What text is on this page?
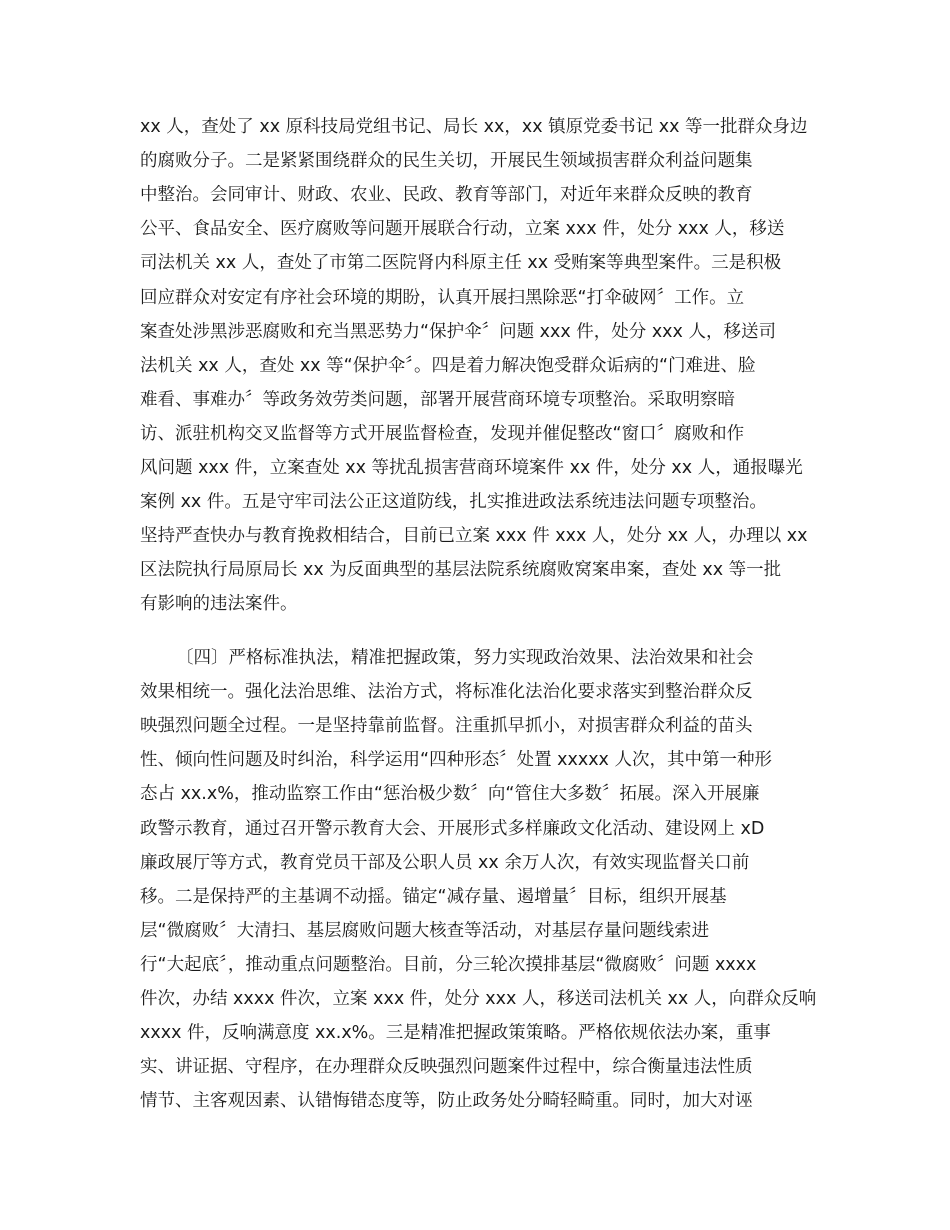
xx 人，查处了 xx 原科技局党组书记、局长 xx，xx 镇原党委书记 xx 等一批群众身边
的腐败分子。二是紧紧围绕群众的民生关切，开展民生领域损害群众利益问题集
中整治。会同审计、财政、农业、民政、教育等部门，对近年来群众反映的教育
公平、食品安全、医疗腐败等问题开展联合行动，立案 xxx 件，处分 xxx 人，移送
司法机关 xx 人，查处了市第二医院肾内科原主任 xx 受贿案等典型案件。三是积极
回应群众对安定有序社会环境的期盼，认真开展扫黑除恶“打伞破网〞工作。立
案查处涉黑涉恶腐败和充当黑恶势力“保护伞〞问题 xxx 件，处分 xxx 人，移送司
法机关 xx 人，查处 xx 等“保护伞〞。四是着力解决饱受群众诟病的“门难进、脸
难看、事难办〞等政务效劳类问题，部署开展营商环境专项整治。采取明察暗
访、派驻机构交叉监督等方式开展监督检查，发现并催促整改“窗口〞腐败和作
风问题 xxx 件，立案查处 xx 等扰乱损害营商环境案件 xx 件，处分 xx 人，通报曝光
案例 xx 件。五是守牢司法公正这道防线，扎实推进政法系统违法问题专项整治。
坚持严查快办与教育挽救相结合，目前已立案 xxx 件 xxx 人，处分 xx 人，办理以 xx
区法院执行局原局长 xx 为反面典型的基层法院系统腐败窝案串案，查处 xx 等一批
有影响的违法案件。
〔四〕严格标准执法，精准把握政策，努力实现政治效果、法治效果和社会
效果相统一。强化法治思维、法治方式，将标准化法治化要求落实到整治群众反
映强烈问题全过程。一是坚持靠前监督。注重抓早抓小，对损害群众利益的苗头
性、倾向性问题及时纠治，科学运用“四种形态〞处置 xxxxx 人次，其中第一种形
态占 xx.x%，推动监察工作由“惩治极少数〞向“管住大多数〞拓展。深入开展廉
政警示教育，通过召开警示教育大会、开展形式多样廉政文化活动、建设网上 xD
廉政展厅等方式，教育党员干部及公职人员 xx 余万人次，有效实现监督关口前
移。二是保持严的主基调不动摇。锚定“减存量、遏增量〞目标，组织开展基
层“微腐败〞大清扫、基层腐败问题大核查等活动，对基层存量问题线索进
行“大起底〞，推动重点问题整治。目前，分三轮次摸排基层“微腐败〞问题 xxxx
件次，办结 xxxx 件次，立案 xxx 件，处分 xxx 人，移送司法机关 xx 人，向群众反响
xxxx 件，反响满意度 xx.x%。三是精准把握政策策略。严格依规依法办案，重事
实、讲证据、守程序，在办理群众反映强烈问题案件过程中，综合衡量违法性质
情节、主客观因素、认错悔错态度等，防止政务处分畸轻畸重。同时，加大对诬
